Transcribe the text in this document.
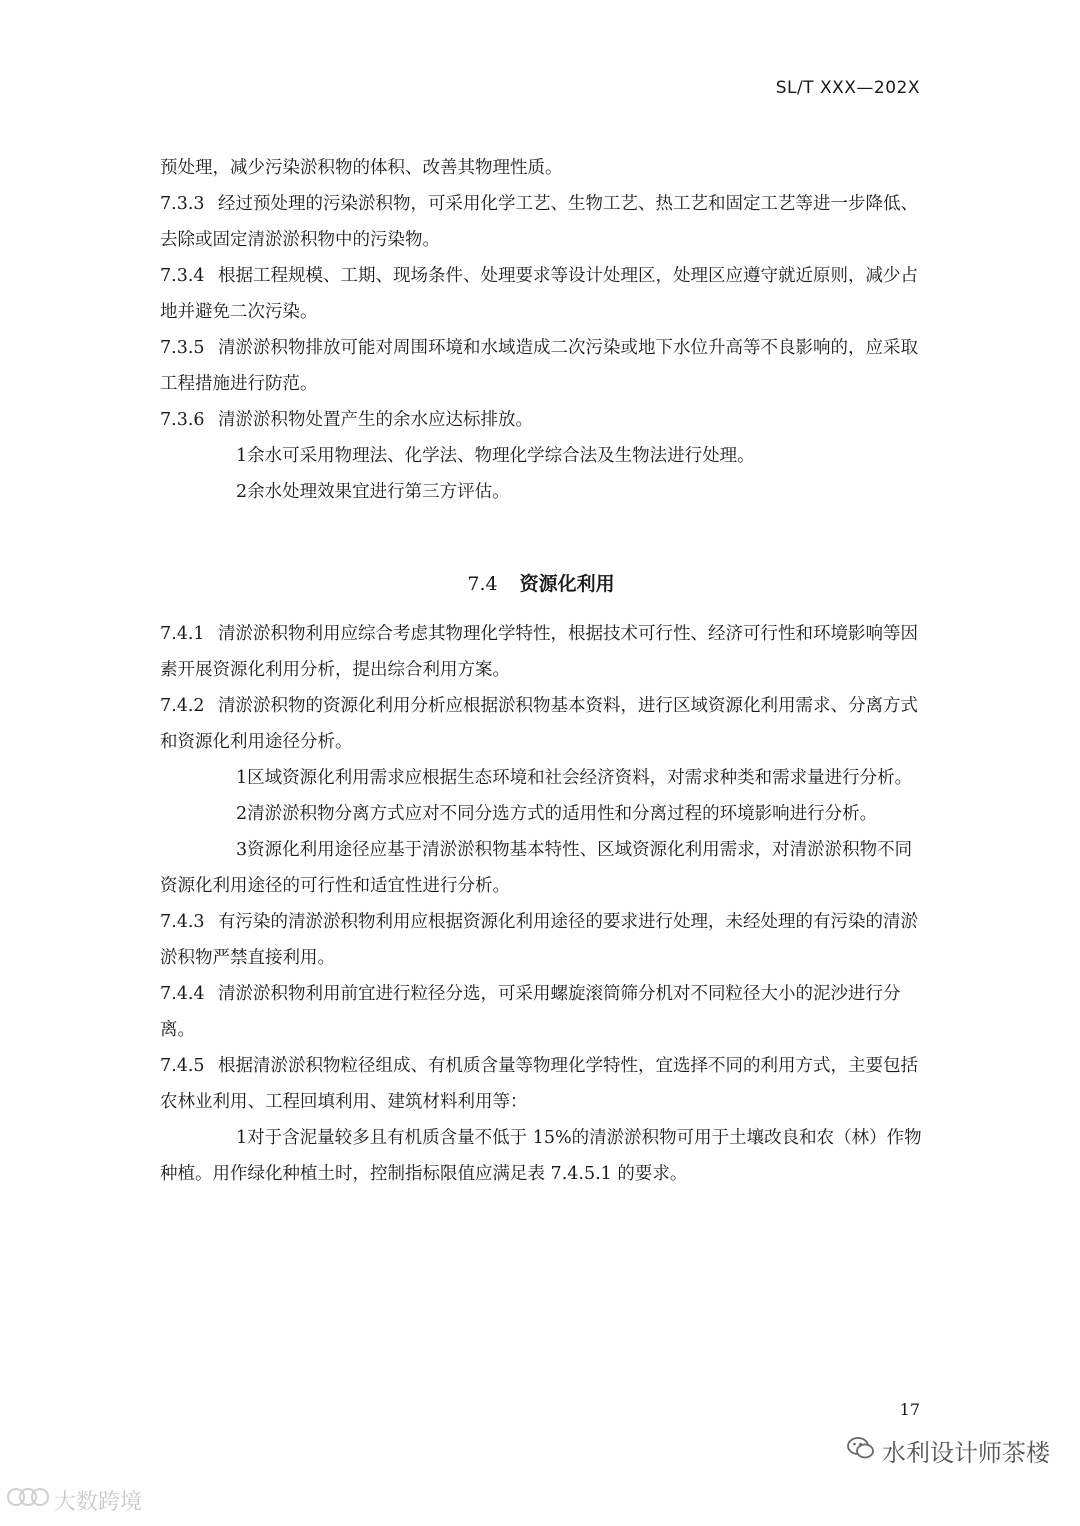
SL/T XXX—202X

预处理，减少污染淤积物的体积、改善其物理性质。

7.3.3 经过预处理的污染淤积物，可采用化学工艺、生物工艺、热工艺和固定工艺等进一步降低、去除或固定清淤淤积物中的污染物。

7.3.4 根据工程规模、工期、现场条件、处理要求等设计处理区，处理区应遵守就近原则，减少占地并避免二次污染。

7.3.5 清淤淤积物排放可能对周围环境和水域造成二次污染或地下水位升高等不良影响的，应采取工程措施进行防范。

7.3.6 清淤淤积物处置产生的余水应达标排放。

1余水可采用物理法、化学法、物理化学综合法及生物法进行处理。

2余水处理效果宜进行第三方评估。

7.4 资源化利用

7.4.1 清淤淤积物利用应综合考虑其物理化学特性，根据技术可行性、经济可行性和环境影响等因素开展资源化利用分析，提出综合利用方案。

7.4.2 清淤淤积物的资源化利用分析应根据淤积物基本资料，进行区域资源化利用需求、分离方式和资源化利用途径分析。

1区域资源化利用需求应根据生态环境和社会经济资料，对需求种类和需求量进行分析。

2清淤淤积物分离方式应对不同分选方式的适用性和分离过程的环境影响进行分析。

3资源化利用途径应基于清淤淤积物基本特性、区域资源化利用需求，对清淤淤积物不同资源化利用途径的可行性和适宜性进行分析。

7.4.3 有污染的清淤淤积物利用应根据资源化利用途径的要求进行处理，未经处理的有污染的清淤淤积物严禁直接利用。

7.4.4 清淤淤积物利用前宜进行粒径分选，可采用螺旋滚筒筛分机对不同粒径大小的泥沙进行分离。

7.4.5 根据清淤淤积物粒径组成、有机质含量等物理化学特性，宜选择不同的利用方式，主要包括农林业利用、工程回填利用、建筑材料利用等：

1对于含泥量较多且有机质含量不低于 15%的清淤淤积物可用于土壤改良和农（林）作物种植。用作绿化种植土时，控制指标限值应满足表 7.4.5.1 的要求。

17
水利设计师茶楼
大数跨境
